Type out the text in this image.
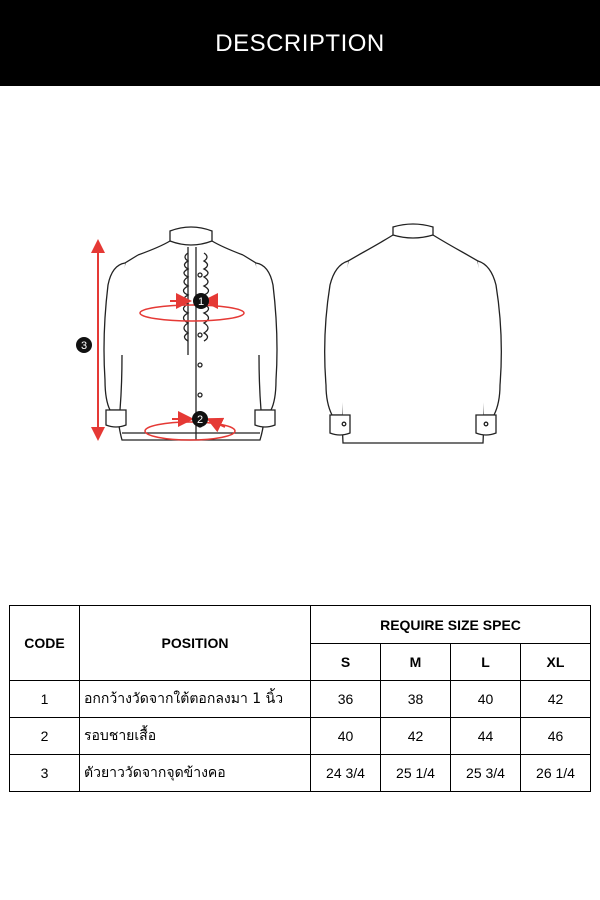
DESCRIPTION
1
2
3
CODE	POSITION	REQUIRE SIZE SPEC			
		S	M	L	XL
1	อกกว้างวัดจากใต้ตอกลงมา 1 นิ้ว	36	38	40	42
2	รอบชายเสื้อ	40	42	44	46
3	ตัวยาววัดจากจุดข้างคอ	24 3/4	25 1/4	25 3/4	26 1/4
